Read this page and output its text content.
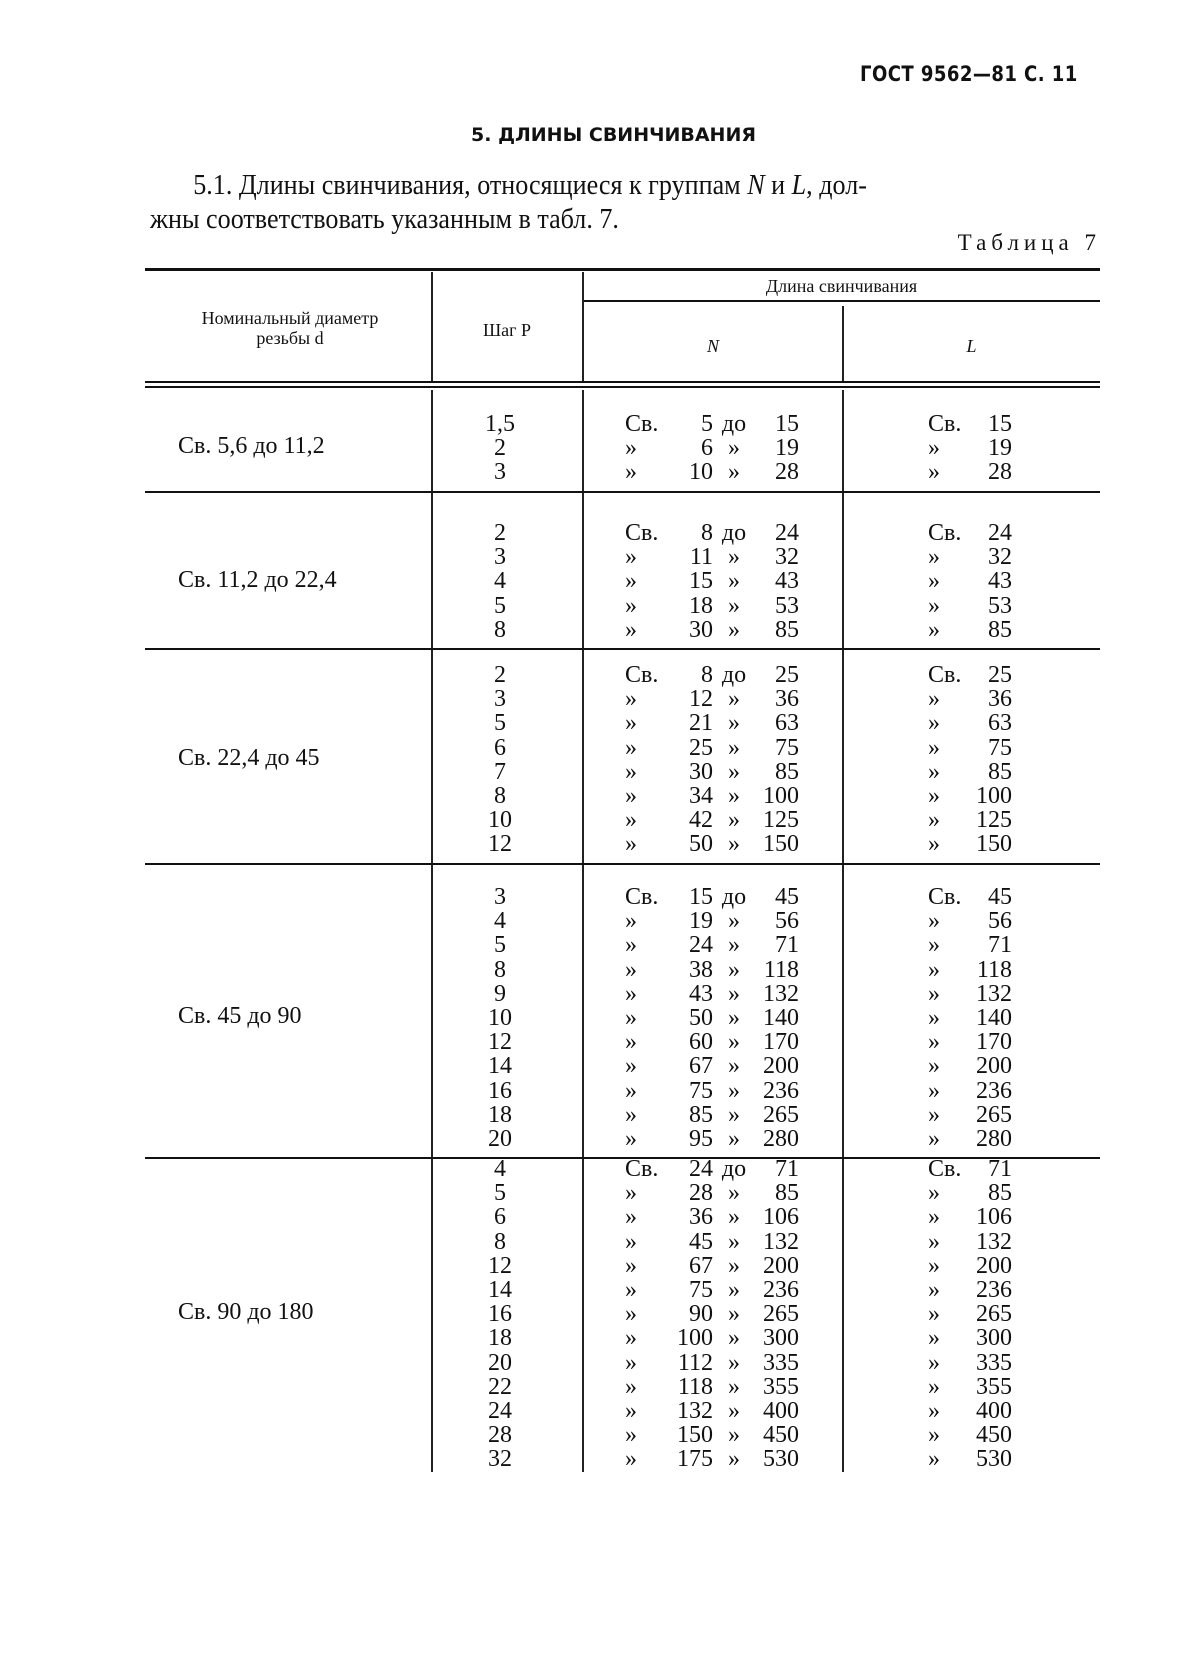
ГОСТ 9562—81 С. 11
5. ДЛИНЫ СВИНЧИВАНИЯ
5.1. Длины свинчивания, относящиеся к группам N и L, дол-
жны соответствовать указанным в табл. 7.
Таблица 7
Номинальный диаметр
резьбы d	Шаг P
Длина свинчивания
N	L
Св. 5,6 до 11,2
1,5	Св.	5 до	15	Св.	15
2	»	6 »	19	»	19
3	»	10 »	28	»	28
Св. 11,2 до 22,4
2	Св.	8 до	24	Св.	24
3	»	11 »	32	»	32
4	»	15 »	43	»	43
5	»	18 »	53	»	53
8	»	30 »	85	»	85
Св. 22,4 до 45
2	Св.	8 до	25	Св.	25
3	»	12 »	36	»	36
5	»	21 »	63	»	63
6	»	25 »	75	»	75
7	»	30 »	85	»	85
8	»	34 » 100	»	100
10	»	42 » 125	»	125
12	»	50 » 150	»	150
Св. 45 до 90
3	Св.	15 до	45	Св.	45
4	»	19 »	56	»	56
5	»	24 »	71	»	71
8	»	38 » 118	»	118
9	»	43 » 132	»	132
10	»	50 » 140	»	140
12	»	60 » 170	»	170
14	»	67 » 200	»	200
16	»	75 » 236	»	236
18	»	85 » 265	»	265
20	»	95 » 280	»	280
Св. 90 до 180
4	Св.	24 до	71	Св.	71
5	»	28 »	85	»	85
6	»	36 » 106	»	106
8	»	45 » 132	»	132
12	»	67 » 200	»	200
14	»	75 » 236	»	236
16	»	90 » 265	»	265
18	»	100 » 300	»	300
20	»	112 » 335	»	335
22	»	118 » 355	»	355
24	»	132 » 400	»	400
28	»	150 » 450	»	450
32	»	175 » 530	»	530
